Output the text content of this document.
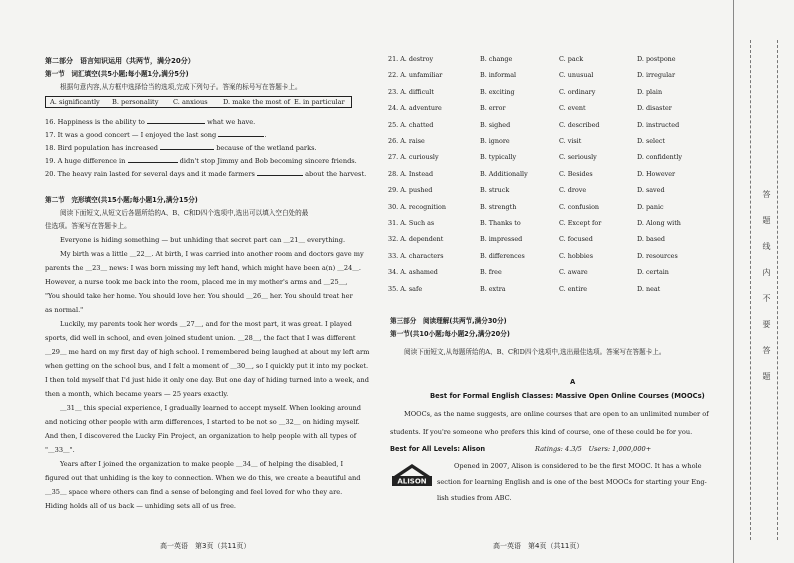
第二部分　语言知识运用（共两节，满分20分）
第一节　词汇填空(共5小题;每小题1分,满分5分)
根据句意内容,从方框中选择恰当的选项,完成下列句子。答案的标号写在答题卡上。
A. significantly B. personality C. anxious D. make the most of E. in particular
16. Happiness is the ability to	what we have.
17. It was a good concert — I enjoyed the last song	.
18. Bird population has increased	because of the wetland parks.
19. A huge difference in	didn't stop Jimmy and Bob becoming sincere friends.
20. The heavy rain lasted for several days and it made farmers	about the harvest.
第二节　完形填空(共15小题;每小题1分,满分15分)
阅读下面短文,从短文后各题所给的A、B、C和D四个选项中,选出可以填入空白处的最
佳选项。答案写在答题卡上。
Everyone is hiding something — but unhiding that secret part can ＿21＿ everything.
My birth was a little ＿22＿. At birth, I was carried into another room and doctors gave my
parents the ＿23＿ news: I was born missing my left hand, which might have been a(n) ＿24＿.
However, a nurse took me back into the room, placed me in my mother's arms and ＿25＿,
"You should take her home. You should love her. You should ＿26＿ her. You should treat her
as normal."
Luckily, my parents took her words ＿27＿, and for the most part, it was great. I played
sports, did well in school, and even joined student union. ＿28＿, the fact that I was different
＿29＿ me hard on my first day of high school. I remembered being laughed at about my left arm
when getting on the school bus, and I felt a moment of ＿30＿, so I quickly put it into my pocket.
I then told myself that I'd just hide it only one day. But one day of hiding turned into a week, and
then a month, which became years — 25 years exactly.
＿31＿ this special experience, I gradually learned to accept myself. When looking around
and noticing other people with arm differences, I started to be not so ＿32＿ on hiding myself.
And then, I discovered the Lucky Fin Project, an organization to help people with all types of
"＿33＿".
Years after I joined the organization to make people ＿34＿ of helping the disabled, I
figured out that unhiding is the key to connection. When we do this, we create a beautiful and
＿35＿ space where others can find a sense of belonging and feel loved for who they are.
Hiding holds all of us back — unhiding sets all of us free.
高一英语　第3页（共11页）
21. A. destroy	B. change	C. pack	D. postpone
22. A. unfamiliar	B. informal	C. unusual	D. irregular
23. A. difficult	B. exciting	C. ordinary	D. plain
24. A. adventure	B. error	C. event	D. disaster
25. A. chatted	B. sighed	C. described	D. instructed
26. A. raise	B. ignore	C. visit	D. select
27. A. curiously	B. typically	C. seriously	D. confidently
28. A. Instead	B. Additionally	C. Besides	D. However
29. A. pushed	B. struck	C. drove	D. saved
30. A. recognition	B. strength	C. confusion	D. panic
31. A. Such as	B. Thanks to	C. Except for	D. Along with
32. A. dependent	B. impressed	C. focused	D. based
33. A. characters	B. differences	C. hobbies	D. resources
34. A. ashamed	B. free	C. aware	D. certain
35. A. safe	B. extra	C. entire	D. neat
第三部分　阅读理解(共两节,满分30分)
第一节(共10小题;每小题2分,满分20分)
阅读下面短文,从每题所给的A、B、C和D四个选项中,选出最佳选项。答案写在答题卡上。
A
Best for Formal English Classes: Massive Open Online Courses (MOOCs)
MOOCs, as the name suggests, are online courses that are open to an unlimited number of
students. If you're someone who prefers this kind of course, one of these could be for you.
Best for All Levels: Alison	Ratings: 4.3/5　Users: 1,000,000+
ALISON
Opened in 2007, Alison is considered to be the first MOOC. It has a whole
section for learning English and is one of the best MOOCs for starting your Eng-
lish studies from ABC.
高一英语　第4页（共11页）
答题线内不要答题
